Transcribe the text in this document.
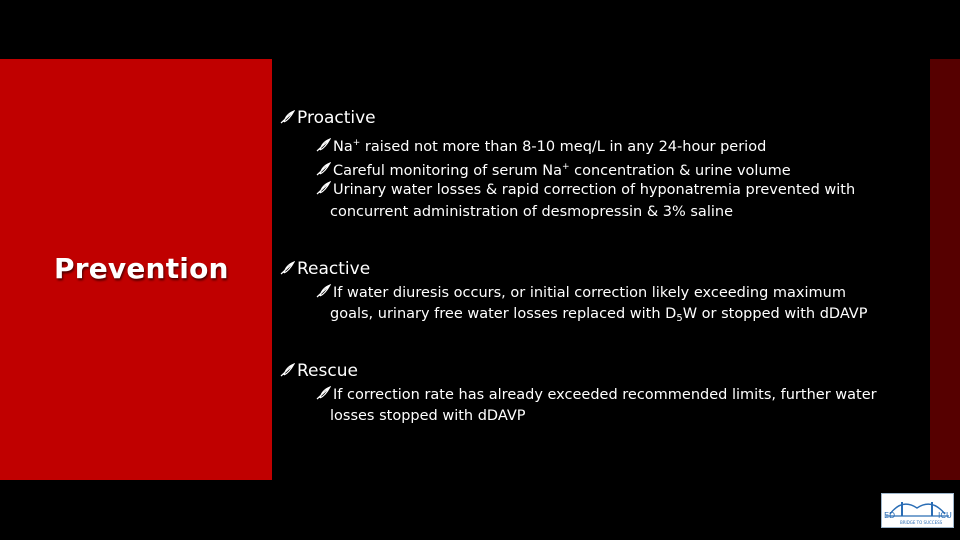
Prevention
Proactive
Na+ raised not more than 8-10 meq/L in any 24-hour period
Careful monitoring of serum Na+ concentration & urine volume
Urinary water losses & rapid correction of hyponatremia prevented with
concurrent administration of desmopressin & 3% saline
Reactive
If water diuresis occurs, or initial correction likely exceeding maximum
goals, urinary free water losses replaced with $D_5W$ or stopped with dDAVP
Rescue
If correction rate has already exceeded recommended limits, further water
losses stopped with dDAVP
ED	ICU
BRIDGE TO SUCCESS
